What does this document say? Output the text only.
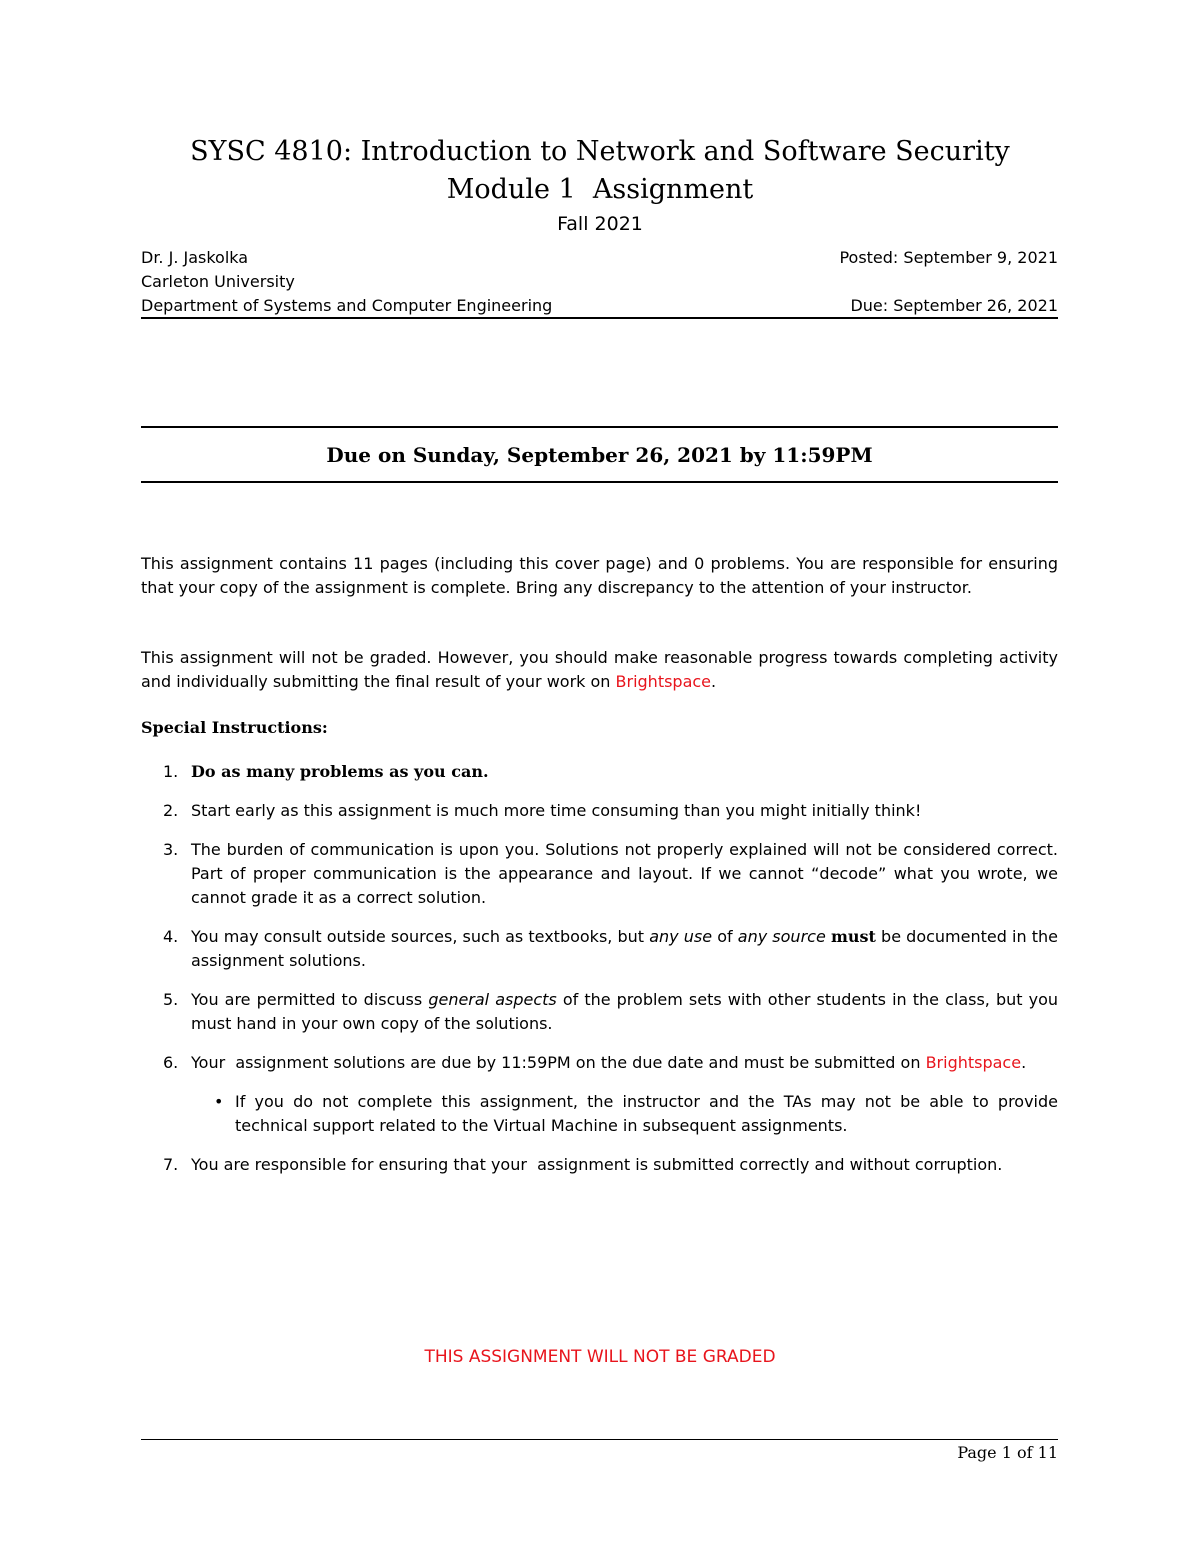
SYSC 4810: Introduction to Network and Software Security
Module 1  Assignment
Fall 2021
Dr. J. Jaskolka
Carleton University
Department of Systems and Computer Engineering
Posted: September 9, 2021
Due: September 26, 2021
Due on Sunday, September 26, 2021 by 11:59PM
This assignment contains 11 pages (including this cover page) and 0 problems. You are responsible for ensuring that your copy of the assignment is complete. Bring any discrepancy to the attention of your instructor.
This assignment will not be graded. However, you should make reasonable progress towards completing activity and individually submitting the final result of your work on Brightspace.
Special Instructions:
1. Do as many problems as you can.
2. Start early as this assignment is much more time consuming than you might initially think!
3. The burden of communication is upon you. Solutions not properly explained will not be considered correct. Part of proper communication is the appearance and layout. If we cannot “decode” what you wrote, we cannot grade it as a correct solution.
4. You may consult outside sources, such as textbooks, but any use of any source must be documented in the assignment solutions.
5. You are permitted to discuss general aspects of the problem sets with other students in the class, but you must hand in your own copy of the solutions.
6. Your  assignment solutions are due by 11:59PM on the due date and must be submitted on Brightspace.
• If you do not complete this assignment, the instructor and the TAs may not be able to provide technical support related to the Virtual Machine in subsequent assignments.
7. You are responsible for ensuring that your  assignment is submitted correctly and without corruption.
THIS ASSIGNMENT WILL NOT BE GRADED
Page 1 of 11
